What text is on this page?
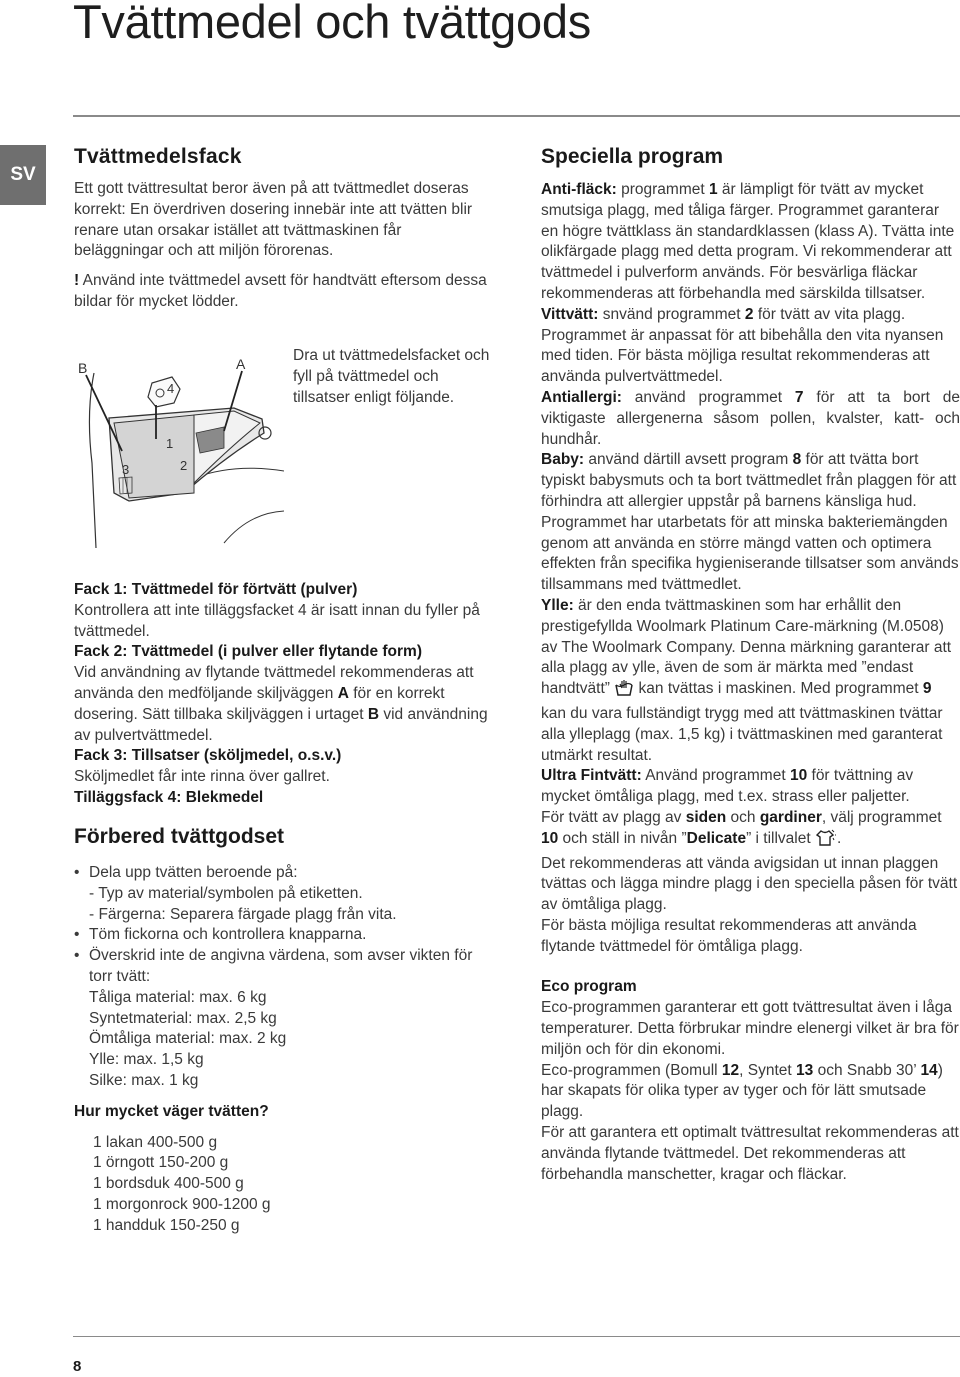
Tvättmedel och tvättgods
SV
Tvättmedelsfack

Ett gott tvättresultat beror även på att tvättmedlet doseras korrekt: En överdriven dosering innebär inte att tvätten blir renare utan orsakar istället att tvättmaskinen får beläggningar och att miljön förorenas.

! Använd inte tvättmedel avsett för handtvätt eftersom dessa bildar för mycket lödder.

B	A
4
1
3	2
Dra ut tvättmedelsfacket och fyll på tvättmedel och tillsatser enligt följande.
Fack 1: Tvättmedel för förtvätt (pulver)

Kontrollera att inte tilläggsfacket 4 är isatt innan du fyller på tvättmedel.

Fack 2: Tvättmedel (i pulver eller flytande form)

Vid användning av flytande tvättmedel rekommenderas att använda den medföljande skiljväggen A för en korrekt dosering. Sätt tillbaka skiljväggen i urtaget B vid användning av pulvertvättmedel.

Fack 3: Tillsatser (sköljmedel, o.s.v.)

Sköljmedlet får inte rinna över gallret.

Tilläggsfack 4: Blekmedel
Förbered tvättgodset
• Dela upp tvätten beroende på:
- Typ av material/symbolen på etiketten.
- Färgerna: Separera färgade plagg från vita.
• Töm fickorna och kontrollera knapparna.
• Överskrid inte de angivna värdena, som avser vikten för torr tvätt:
Tåliga material: max. 6 kg
Syntetmaterial: max. 2,5 kg
Ömtåliga material: max. 2 kg
Ylle: max. 1,5 kg
Silke: max. 1 kg
Hur mycket väger tvätten?
1 lakan 400-500 g
1 örngott 150-200 g
1 bordsduk 400-500 g
1 morgonrock 900-1200 g
1 handduk 150-250 g
Speciella program

Anti-fläck: programmet 1 är lämpligt för tvätt av mycket smutsiga plagg, med tåliga färger. Programmet garanterar en högre tvättklass än standardklassen (klass A). Tvätta inte olikfärgade plagg med detta program. Vi rekommenderar att tvättmedel i pulverform används. För besvärliga fläckar rekommenderas att förbehandla med särskilda tillsatser.

Vittvätt: snvänd programmet 2 för tvätt av vita plagg. Programmet är anpassat för att bibehålla den vita nyansen med tiden. För bästa möjliga resultat rekommenderas att använda pulvertvättmedel.

Antiallergi: använd programmet 7 för att ta bort de viktigaste allergenerna såsom pollen, kvalster, katt- och hundhår.

Baby: använd därtill avsett program 8 för att tvätta bort typiskt babysmuts och ta bort tvättmedlet från plaggen för att förhindra att allergier uppstår på barnens känsliga hud. Programmet har utarbetats för att minska bakteriemängden genom att använda en större mängd vatten och optimera effekten från specifika hygieniserande tillsatser som används tillsammans med tvättmedlet.

Ylle: är den enda tvättmaskinen som har erhållit den prestigefyllda Woolmark Platinum Care-märkning (M.0508) av The Woolmark Company. Denna märkning garanterar att alla plagg av ylle, även de som är märkta med ”endast handtvätt”  kan tvättas i maskinen. Med programmet 9 kan du vara fullständigt trygg med att tvättmaskinen tvättar alla ylleplagg (max. 1,5 kg) i tvättmaskinen med garanterat utmärkt resultat.

Ultra Fintvätt: Använd programmet 10 för tvättning av mycket ömtåliga plagg, med t.ex. strass eller paljetter.

För tvätt av plagg av siden och gardiner, välj programmet 10 och ställ in nivån ”Delicate” i tillvalet .

Det rekommenderas att vända avigsidan ut innan plaggen tvättas och lägga mindre plagg i den speciella påsen för tvätt av ömtåliga plagg.

För bästa möjliga resultat rekommenderas att använda flytande tvättmedel för ömtåliga plagg.

Eco program

Eco-programmen garanterar ett gott tvättresultat även i låga temperaturer. Detta förbrukar mindre elenergi vilket är bra för miljön och för din ekonomi.

Eco-programmen (Bomull 12, Syntet 13 och Snabb 30’ 14) har skapats för olika typer av tyger och för lätt smutsade plagg.

För att garantera ett optimalt tvättresultat rekommenderas att använda flytande tvättmedel. Det rekommenderas att förbehandla manschetter, kragar och fläckar.

8
